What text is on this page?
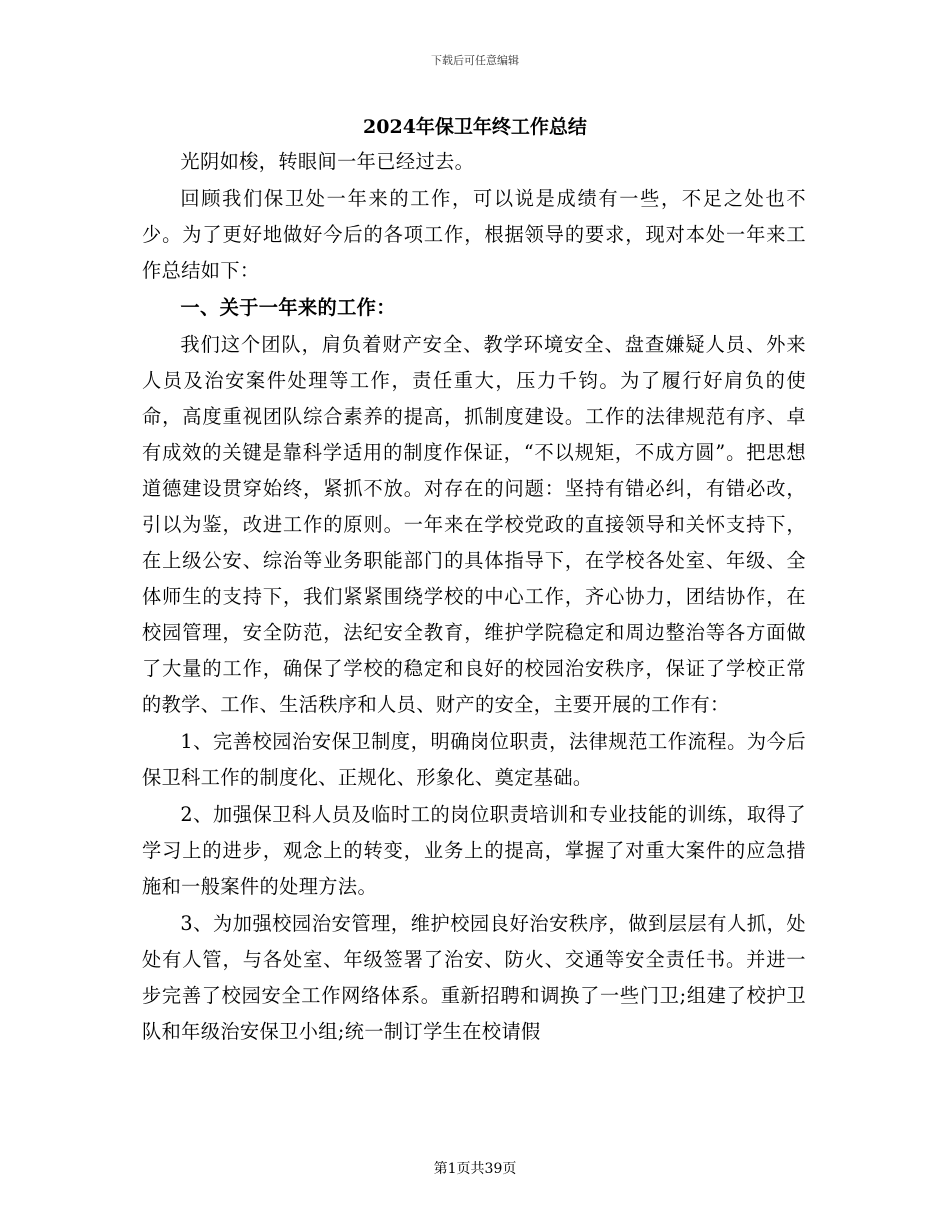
下载后可任意编辑
2024年保卫年终工作总结

光阴如梭，转眼间一年已经过去。

回顾我们保卫处一年来的工作，可以说是成绩有一些，不足之处也不少。为了更好地做好今后的各项工作，根据领导的要求，现对本处一年来工作总结如下：

一、关于一年来的工作：

我们这个团队，肩负着财产安全、教学环境安全、盘查嫌疑人员、外来人员及治安案件处理等工作，责任重大，压力千钧。为了履行好肩负的使命，高度重视团队综合素养的提高，抓制度建设。工作的法律规范有序、卓有成效的关键是靠科学适用的制度作保证，“不以规矩，不成方圆”。把思想道德建设贯穿始终，紧抓不放。对存在的问题：坚持有错必纠，有错必改，引以为鉴，改进工作的原则。一年来在学校党政的直接领导和关怀支持下，在上级公安、综治等业务职能部门的具体指导下，在学校各处室、年级、全体师生的支持下，我们紧紧围绕学校的中心工作，齐心协力，团结协作，在校园管理，安全防范，法纪安全教育，维护学院稳定和周边整治等各方面做了大量的工作，确保了学校的稳定和良好的校园治安秩序，保证了学校正常的教学、工作、生活秩序和人员、财产的安全，主要开展的工作有：

1、完善校园治安保卫制度，明确岗位职责，法律规范工作流程。为今后保卫科工作的制度化、正规化、形象化、奠定基础。

2、加强保卫科人员及临时工的岗位职责培训和专业技能的训练，取得了学习上的进步，观念上的转变，业务上的提高，掌握了对重大案件的应急措施和一般案件的处理方法。

3、为加强校园治安管理，维护校园良好治安秩序，做到层层有人抓，处处有人管，与各处室、年级签署了治安、防火、交通等安全责任书。并进一步完善了校园安全工作网络体系。重新招聘和调换了一些门卫;组建了校护卫队和年级治安保卫小组;统一制订学生在校请假

第1页共39页
